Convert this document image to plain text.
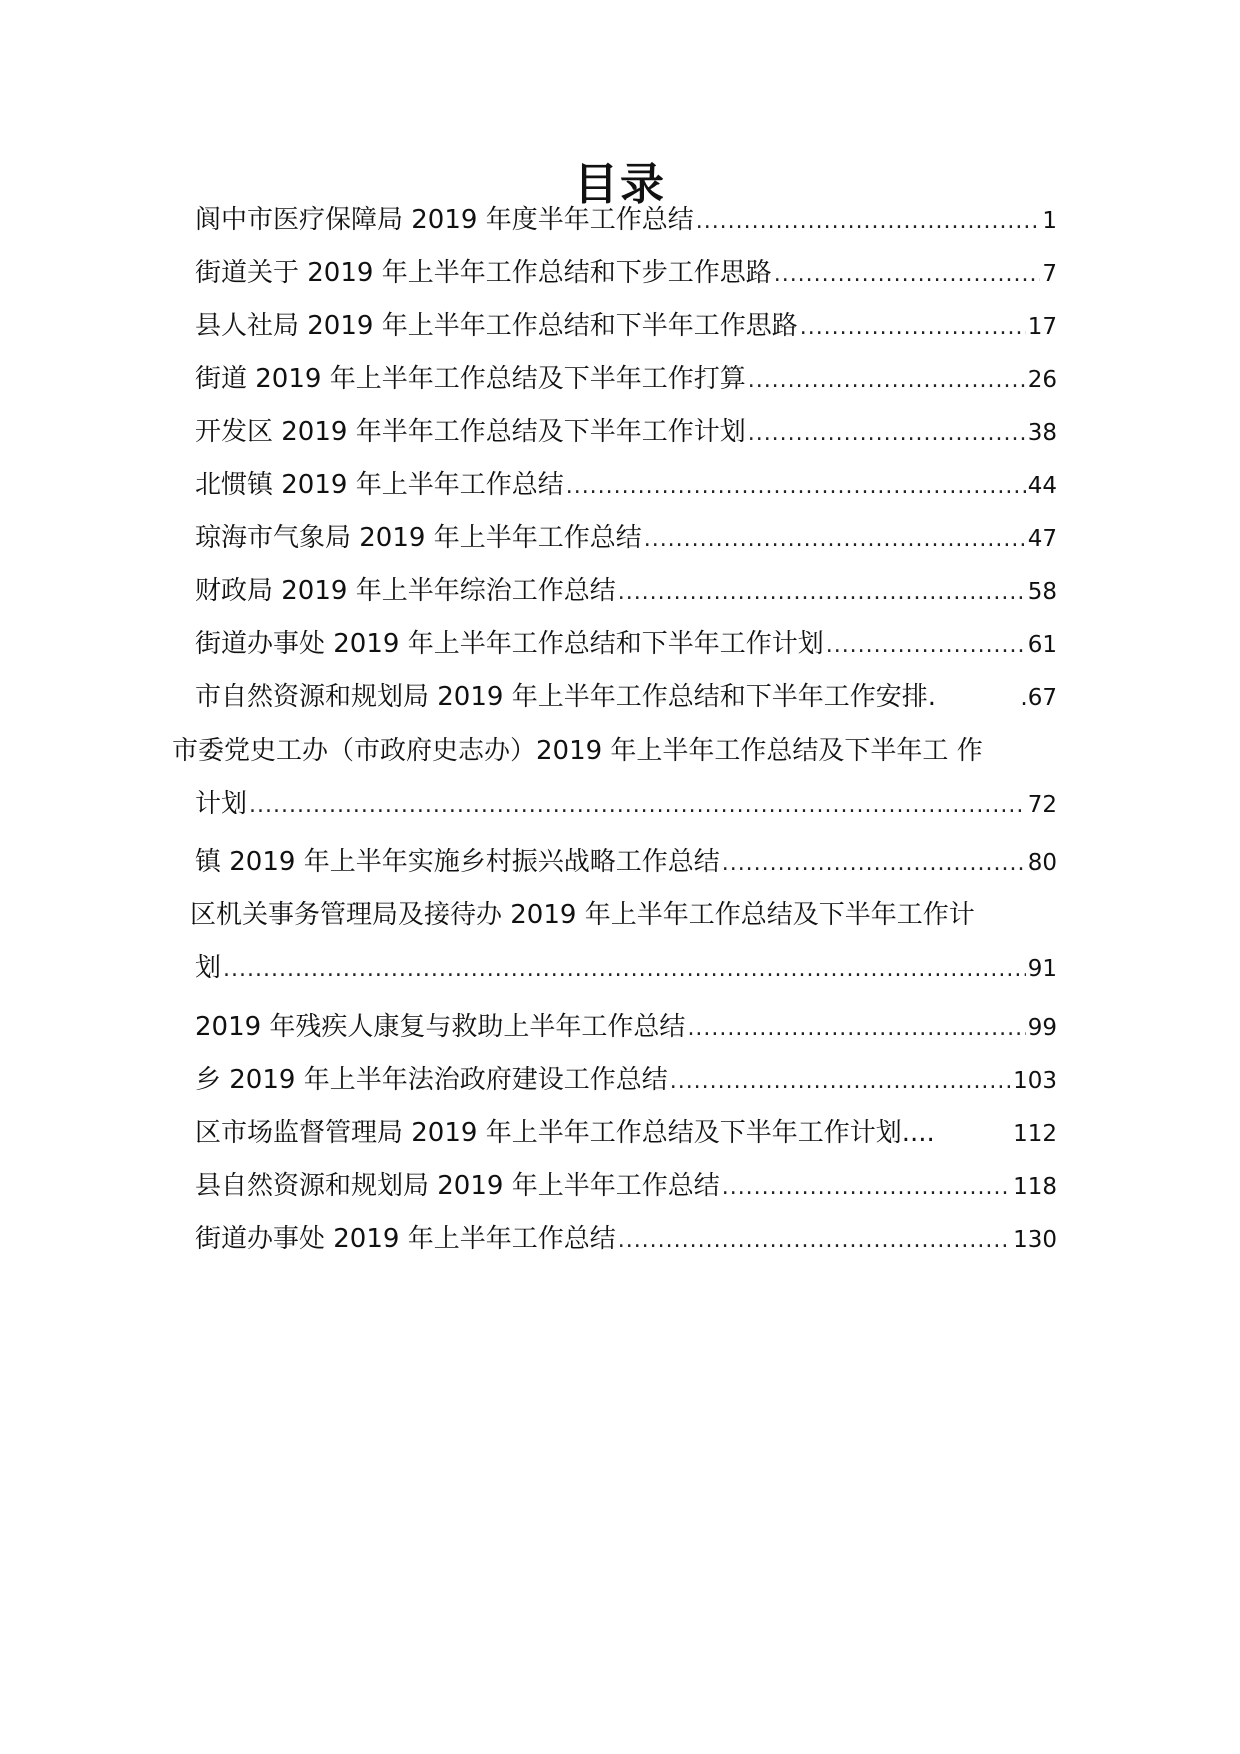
目录
阆中市医疗保障局 2019 年度半年工作总结 .....	1
街道关于 2019 年上半年工作总结和下步工作思路 .....	7
县人社局 2019 年上半年工作总结和下半年工作思路 .....	17
街道 2019 年上半年工作总结及下半年工作打算 .....	26
开发区 2019 年半年工作总结及下半年工作计划 .....	38
北惯镇 2019 年上半年工作总结 .....	44
琼海市气象局 2019 年上半年工作总结 .....	47
财政局 2019 年上半年综治工作总结 .....	58
街道办事处 2019 年上半年工作总结和下半年工作计划 .....	61
市自然资源和规划局 2019 年上半年工作总结和下半年工作安排.	.67
市委党史工办（市政府史志办）2019 年上半年工作总结及下半年工 作
计划 .....	72
镇 2019 年上半年实施乡村振兴战略工作总结 .....	80
区机关事务管理局及接待办 2019 年上半年工作总结及下半年工作计
划 .....	91
2019 年残疾人康复与救助上半年工作总结 .....	99
乡 2019 年上半年法治政府建设工作总结 .....	103
区市场监督管理局 2019 年上半年工作总结及下半年工作计划....	112
县自然资源和规划局 2019 年上半年工作总结 .....	118
街道办事处 2019 年上半年工作总结 .....	130
